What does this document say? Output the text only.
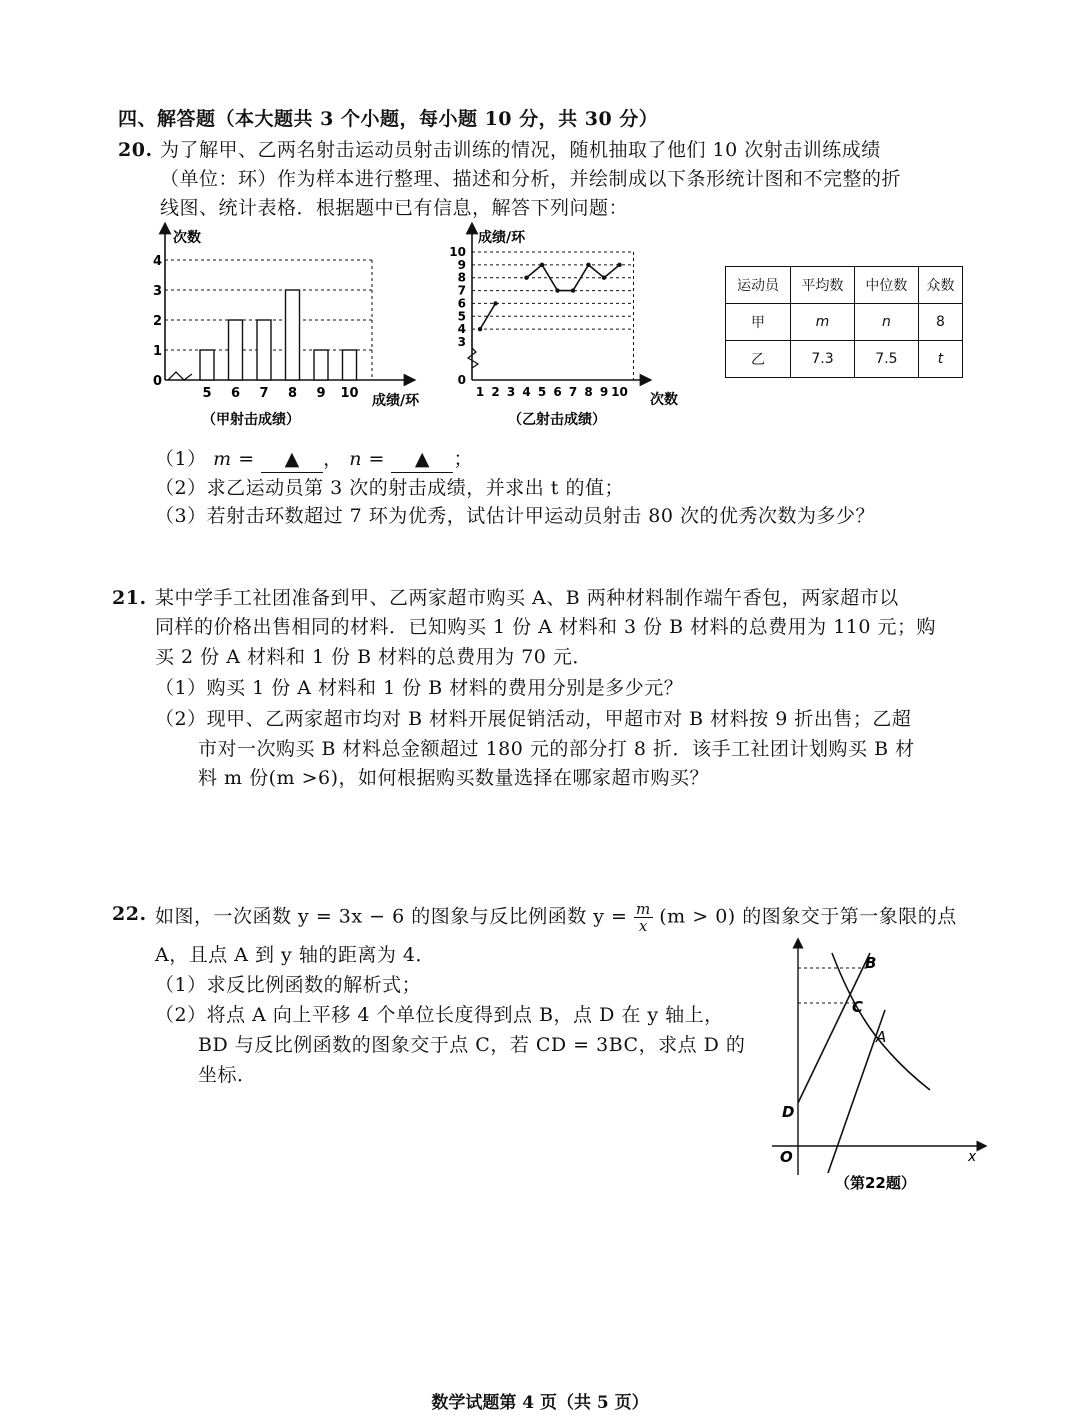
四、解答题（本大题共 3 个小题，每小题 10 分，共 30 分）
20. 为了解甲、乙两名射击运动员射击训练的情况，随机抽取了他们 10 次射击训练成绩
（单位：环）作为样本进行整理、描述和分析，并绘制成以下条形统计图和不完整的折
线图、统计表格．根据题中已有信息，解答下列问题：
次数
成绩/环
（甲射击成绩）
0
1
2
3
4
5 6 7 8 9 10
成绩/环
次数
（乙射击成绩）
0
3
4
5
6
7
8
9
10
1 2 3 4 5 6 7 8 9 10
运动员	平均数	中位数	众数
甲	m	n	8
乙	7.3	7.5	t
（1） m = ▲ ， n = ▲ ；
（2）求乙运动员第 3 次的射击成绩，并求出 t 的值；
（3）若射击环数超过 7 环为优秀，试估计甲运动员射击 80 次的优秀次数为多少？
21. 某中学手工社团准备到甲、乙两家超市购买 A、B 两种材料制作端午香包，两家超市以
同样的价格出售相同的材料．已知购买 1 份 A 材料和 3 份 B 材料的总费用为 110 元；购
买 2 份 A 材料和 1 份 B 材料的总费用为 70 元．
（1）购买 1 份 A 材料和 1 份 B 材料的费用分别是多少元？
（2）现甲、乙两家超市均对 B 材料开展促销活动，甲超市对 B 材料按 9 折出售；乙超
市对一次购买 B 材料总金额超过 180 元的部分打 8 折．该手工社团计划购买 B 材
料 m 份(m >6)，如何根据购买数量选择在哪家超市购买？
22. 如图，一次函数 y = 3x − 6 的图象与反比例函数 $y = \frac{m}{x} (m > 0)$ 的图象交于第一象限的点
A，且点 A 到 y 轴的距离为 4．
（1）求反比例函数的解析式；
（2）将点 A 向上平移 4 个单位长度得到点 B，点 D 在 y 轴上，
BD 与反比例函数的图象交于点 C，若 CD = 3BC，求点 D 的
坐标．
B
C
A
D
O	x
（第22题）
数学试题第 4 页（共 5 页）
